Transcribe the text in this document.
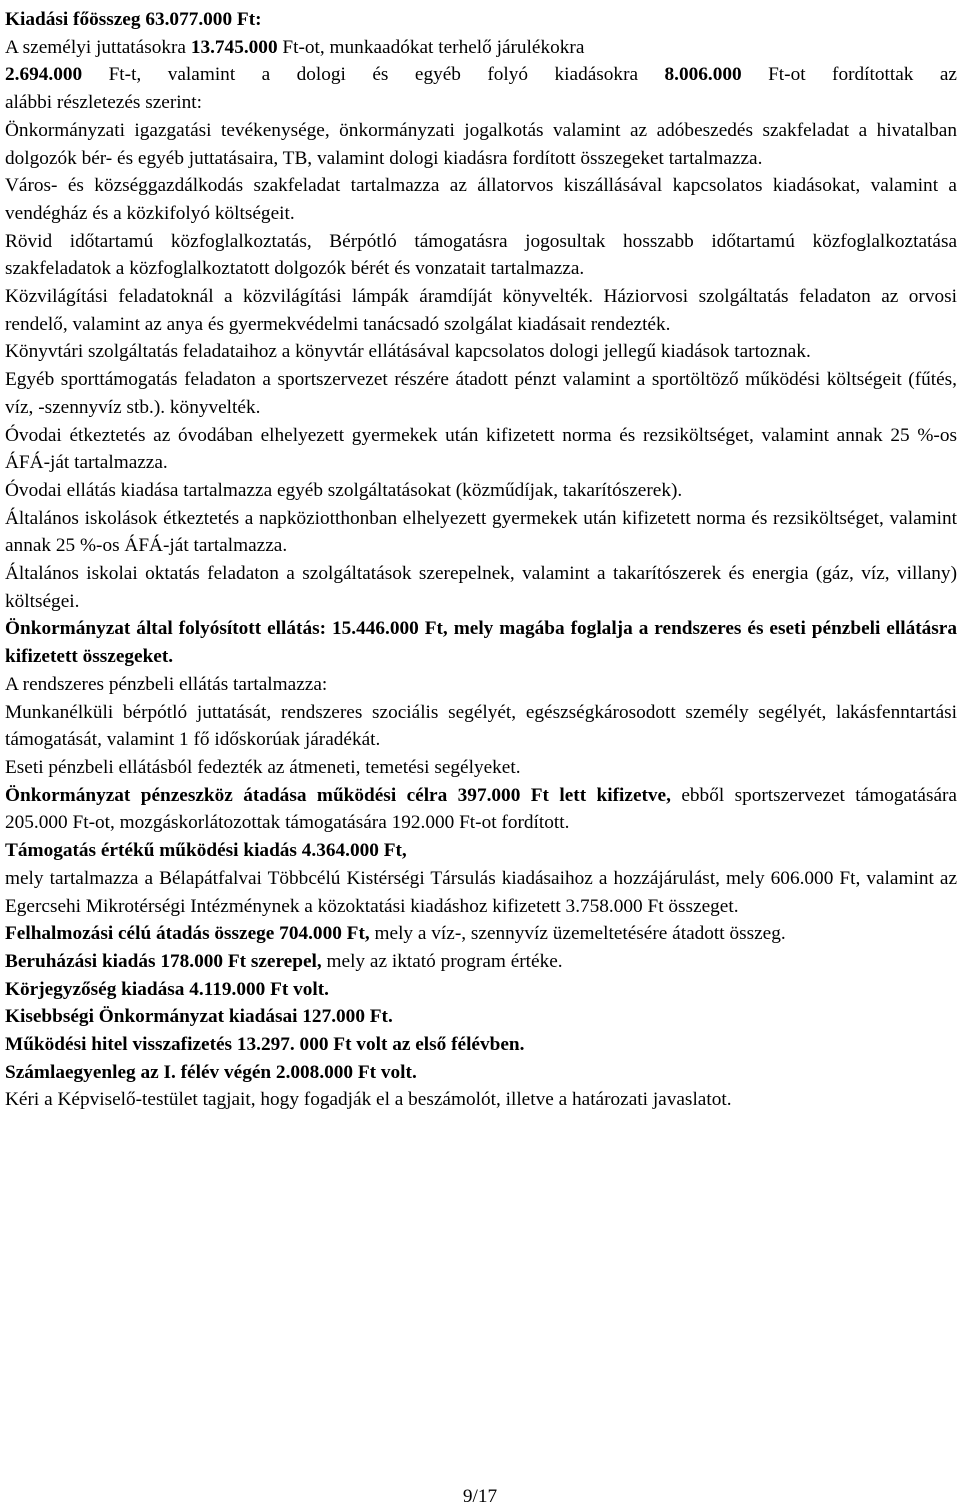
Kiadási főösszeg 63.077.000 Ft:

A személyi juttatásokra 13.745.000 Ft-ot, munkaadókat terhelő járulékokra

2.694.000 Ft-t, valamint a dologi és egyéb folyó kiadásokra 8.006.000 Ft-ot fordítottak az

alábbi részletezés szerint:

Önkormányzati igazgatási tevékenysége, önkormányzati jogalkotás valamint az adóbeszedés szakfeladat a hivatalban dolgozók bér- és egyéb juttatásaira, TB, valamint dologi kiadásra fordított összegeket tartalmazza.

Város- és községgazdálkodás szakfeladat tartalmazza az állatorvos kiszállásával kapcsolatos kiadásokat, valamint a vendégház és a közkifolyó költségeit.

Rövid időtartamú közfoglalkoztatás, Bérpótló támogatásra jogosultak hosszabb időtartamú közfoglalkoztatása szakfeladatok a közfoglalkoztatott dolgozók bérét és vonzatait tartalmazza.

Közvilágítási feladatoknál a közvilágítási lámpák áramdíját könyvelték. Háziorvosi szolgáltatás feladaton az orvosi rendelő, valamint az anya és gyermekvédelmi tanácsadó szolgálat kiadásait rendezték.

Könyvtári szolgáltatás feladataihoz a könyvtár ellátásával kapcsolatos dologi jellegű kiadások tartoznak.

Egyéb sporttámogatás feladaton a sportszervezet részére átadott pénzt valamint a sportöltöző működési költségeit (fűtés, víz, -szennyvíz stb.). könyvelték.

Óvodai étkeztetés az óvodában elhelyezett gyermekek után kifizetett norma és rezsiköltséget, valamint annak 25 %-os ÁFÁ-ját tartalmazza.

Óvodai ellátás kiadása tartalmazza egyéb szolgáltatásokat (közműdíjak, takarítószerek).

Általános iskolások étkeztetés a napköziotthonban elhelyezett gyermekek után kifizetett norma és rezsiköltséget, valamint annak 25 %-os ÁFÁ-ját tartalmazza.

Általános iskolai oktatás feladaton a szolgáltatások szerepelnek, valamint a takarítószerek és energia (gáz, víz, villany) költségei.

Önkormányzat által folyósított ellátás: 15.446.000 Ft, mely magába foglalja a rendszeres és eseti pénzbeli ellátásra kifizetett összegeket.

A rendszeres pénzbeli ellátás tartalmazza:

Munkanélküli bérpótló juttatását, rendszeres szociális segélyét, egészségkárosodott személy segélyét, lakásfenntartási támogatását, valamint 1 fő időskorúak járadékát.

Eseti pénzbeli ellátásból fedezték az átmeneti, temetési segélyeket.

Önkormányzat pénzeszköz átadása működési célra 397.000 Ft lett kifizetve, ebből sportszervezet támogatására 205.000 Ft-ot, mozgáskorlátozottak támogatására 192.000 Ft-ot fordított.

Támogatás értékű működési kiadás 4.364.000 Ft,

mely tartalmazza a Bélapátfalvai Többcélú Kistérségi Társulás kiadásaihoz a hozzájárulást, mely 606.000 Ft, valamint az Egercsehi Mikrotérségi Intézménynek a közoktatási kiadáshoz kifizetett 3.758.000 Ft összeget.

Felhalmozási célú átadás összege 704.000 Ft, mely a víz-, szennyvíz üzemeltetésére átadott összeg.

Beruházási kiadás 178.000 Ft szerepel, mely az iktató program értéke.

Körjegyzőség kiadása 4.119.000 Ft volt.

Kisebbségi Önkormányzat kiadásai 127.000 Ft.

Működési hitel visszafizetés 13.297. 000 Ft volt az első félévben.

Számlaegyenleg az I. félév végén 2.008.000 Ft volt.

Kéri a Képviselő-testület tagjait, hogy fogadják el a beszámolót, illetve a határozati javaslatot.

9/17
